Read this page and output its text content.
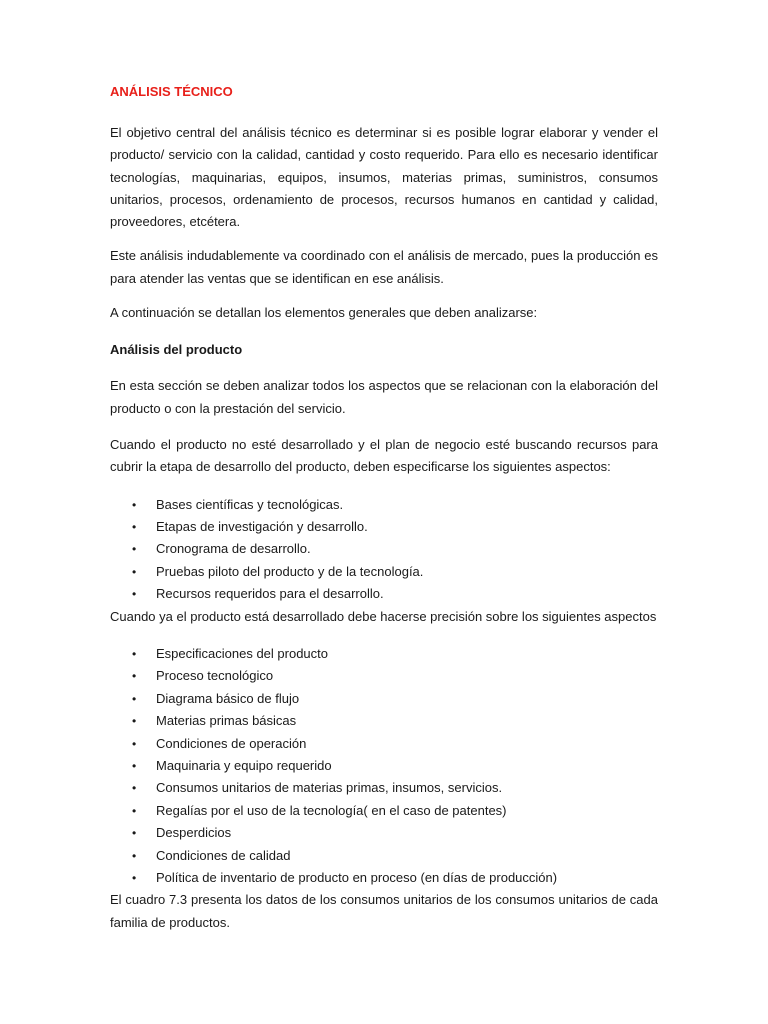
ANÁLISIS TÉCNICO

El objetivo central del análisis técnico es determinar si es posible lograr elaborar y vender el producto/ servicio con la calidad, cantidad y costo requerido. Para ello es necesario identificar tecnologías, maquinarias, equipos, insumos, materias primas, suministros, consumos unitarios, procesos, ordenamiento de procesos, recursos humanos en cantidad y calidad, proveedores, etcétera.

Este análisis indudablemente va coordinado con el análisis de mercado, pues la producción es para atender las ventas que se identifican en ese análisis.

A continuación se detallan los elementos generales que deben analizarse:

Análisis del producto

En esta sección se deben analizar todos los aspectos que se relacionan con la elaboración del producto o con la prestación del servicio.

Cuando el producto no esté desarrollado y el plan de negocio esté buscando recursos para cubrir la etapa de desarrollo del producto, deben especificarse los siguientes aspectos:

• Bases científicas y tecnológicas.
• Etapas de investigación y desarrollo.
• Cronograma de desarrollo.
• Pruebas piloto del producto y de la tecnología.
• Recursos requeridos para el desarrollo.

Cuando ya el producto está desarrollado debe hacerse precisión sobre los siguientes aspectos

• Especificaciones del producto
• Proceso tecnológico
• Diagrama básico de flujo
• Materias primas básicas
• Condiciones de operación
• Maquinaria y equipo requerido
• Consumos unitarios de materias primas, insumos, servicios.
• Regalías por el uso de la tecnología( en el caso de patentes)
• Desperdicios
• Condiciones de calidad
• Política de inventario de producto en proceso (en días de producción)

El cuadro 7.3 presenta los datos de los consumos unitarios de los consumos unitarios de cada familia de productos.
